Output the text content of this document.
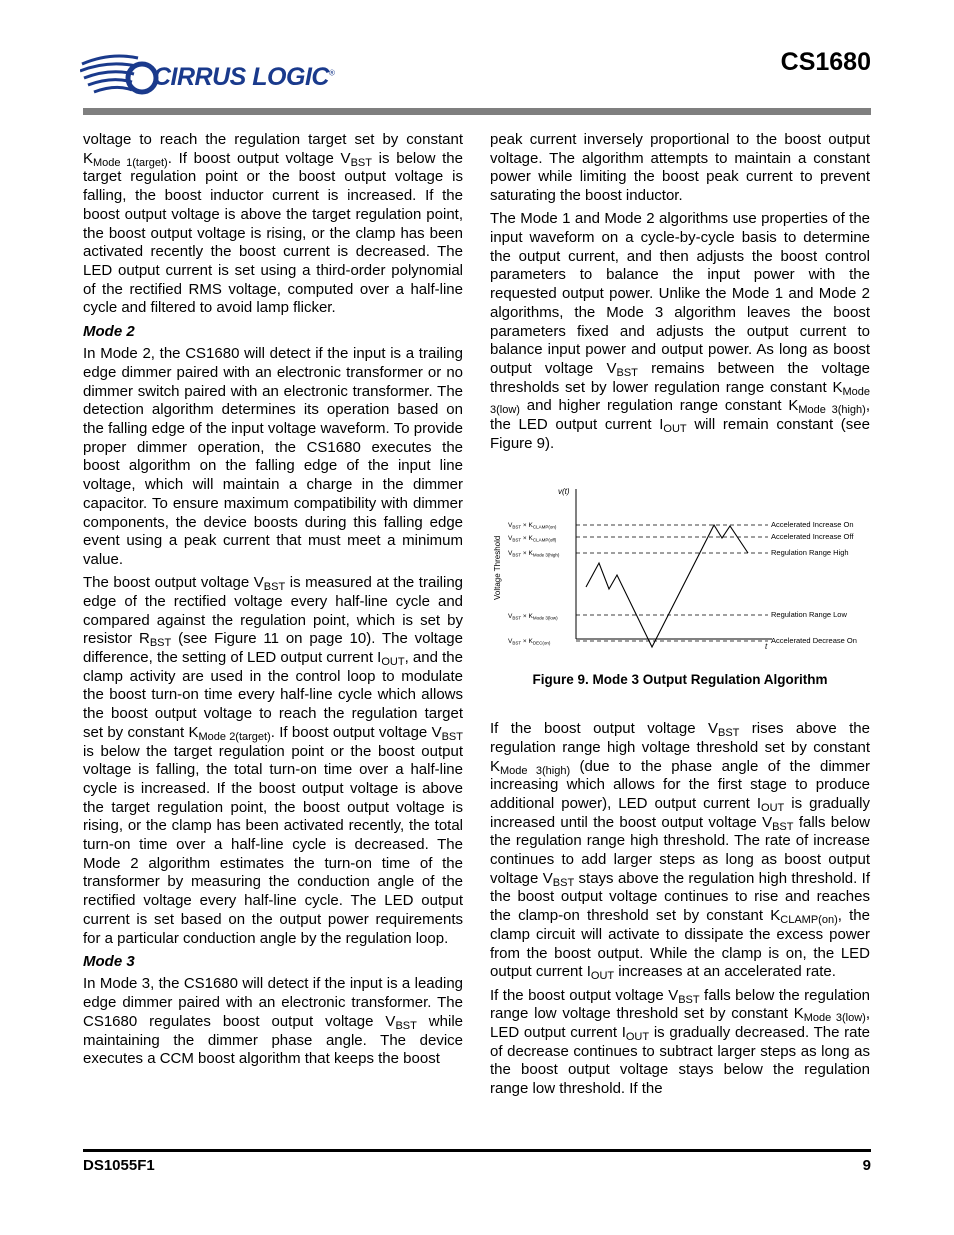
CIRRUS LOGIC®	CS1680

voltage to reach the regulation target set by constant $K_{Mode 1(target)}$. If boost output voltage $V_{BST}$ is below the target regulation point or the boost output voltage is falling, the boost inductor current is increased. If the boost output voltage is above the target regulation point, the boost output voltage is rising, or the clamp has been activated recently the boost current is decreased. The LED output current is set using a third-order polynomial of the rectified RMS voltage, computed over a half-line cycle and filtered to avoid lamp flicker.

Mode 2

In Mode 2, the CS1680 will detect if the input is a trailing edge dimmer paired with an electronic transformer or no dimmer switch paired with an electronic transformer. The detection algorithm determines its operation based on the falling edge of the input voltage waveform. To provide proper dimmer operation, the CS1680 executes the boost algorithm on the falling edge of the input line voltage, which will maintain a charge in the dimmer capacitor. To ensure maximum compatibility with dimmer components, the device boosts during this falling edge event using a peak current that must meet a minimum value.

The boost output voltage $V_{BST}$ is measured at the trailing edge of the rectified voltage every half-line cycle and compared against the regulation point, which is set by resistor $R_{BST}$ (see Figure 11 on page 10). The voltage difference, the setting of LED output current $I_{OUT}$, and the clamp activity are used in the control loop to modulate the boost turn-on time every half-line cycle which allows the boost output voltage to reach the regulation target set by constant $K_{Mode 2(target)}$. If boost output voltage $V_{BST}$ is below the target regulation point or the boost output voltage is falling, the total turn-on time over a half-line cycle is increased. If the boost output voltage is above the target regulation point, the boost output voltage is rising, or the clamp has been activated recently, the total turn-on time over a half-line cycle is decreased. The Mode 2 algorithm estimates the turn-on time of the transformer by measuring the conduction angle of the rectified voltage every half-line cycle. The LED output current is set based on the output power requirements for a particular conduction angle by the regulation loop.

Mode 3

In Mode 3, the CS1680 will detect if the input is a leading edge dimmer paired with an electronic transformer. The CS1680 regulates boost output voltage $V_{BST}$ while maintaining the dimmer phase angle. The device executes a CCM boost algorithm that keeps the boost

peak current inversely proportional to the boost output voltage. The algorithm attempts to maintain a constant power while limiting the boost peak current to prevent saturating the boost inductor.

The Mode 1 and Mode 2 algorithms use properties of the input waveform on a cycle-by-cycle basis to determine the output current, and then adjusts the boost control parameters to balance the input power with the requested output power. Unlike the Mode 1 and Mode 2 algorithms, the Mode 3 algorithm leaves the boost parameters fixed and adjusts the output current to balance input power and output power. As long as boost output voltage $V_{BST}$ remains between the voltage thresholds set by lower regulation range constant $K_{Mode 3(low)}$ and higher regulation range constant $K_{Mode 3(high)}$, the LED output current $I_{OUT}$ will remain constant (see Figure 9).

v(t)
t
Voltage Threshold
$V_{BST} \times K_{CLAMP(on)}$
$V_{BST} \times K_{CLAMP(off)}$
$V_{BST} \times K_{Mode 3(high)}$
$V_{BST} \times K_{Mode 3(low)}$
$V_{BST} \times K_{DEC(on)}$
Accelerated Increase On
Accelerated Increase Off
Regulation Range High
Regulation Range Low
Accelerated Decrease On
Figure 9. Mode 3 Output Regulation Algorithm

If the boost output voltage $V_{BST}$ rises above the regulation range high voltage threshold set by constant $K_{Mode 3(high)}$ (due to the phase angle of the dimmer increasing which allows for the first stage to produce additional power), LED output current $I_{OUT}$ is gradually increased until the boost output voltage $V_{BST}$ falls below the regulation range high threshold. The rate of increase continues to add larger steps as long as boost output voltage $V_{BST}$ stays above the regulation high threshold. If the boost output voltage continues to rise and reaches the clamp-on threshold set by constant $K_{CLAMP(on)}$, the clamp circuit will activate to dissipate the excess power from the boost output. While the clamp is on, the LED output current $I_{OUT}$ increases at an accelerated rate.

If the boost output voltage $V_{BST}$ falls below the regulation range low voltage threshold set by constant $K_{Mode 3(low)}$, LED output current $I_{OUT}$ is gradually decreased. The rate of decrease continues to subtract larger steps as long as the boost output voltage stays below the regulation range low threshold. If the

DS1055F1	9
